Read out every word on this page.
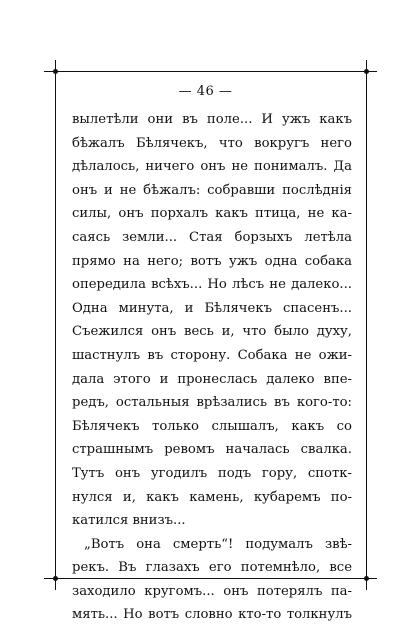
— 46 —
вылетѣли они въ поле... И ужъ какъ
бѣжалъ Бѣлячекъ, что вокругъ него
дѣлалось, ничего онъ не понималъ. Да
онъ и не бѣжалъ: собравши послѣднія
силы, онъ порхалъ какъ птица, не ка-
саясь земли... Стая борзыхъ летѣла
прямо на него; вотъ ужъ одна собака
опередила всѣхъ... Но лѣсъ не далеко...
Одна минута, и Бѣлячекъ спасенъ...
Съежился онъ весь и, что было духу,
шастнулъ въ сторону. Собака не ожи-
дала этого и пронеслась далеко впе-
редъ, остальныя врѣзались въ кого-то:
Бѣлячекъ только слышалъ, какъ со
страшнымъ ревомъ началась свалка.
Тутъ онъ угодилъ подъ гору, спотк-
нулся и, какъ камень, кубаремъ по-
катился внизъ...
„Вотъ она смерть“! подумалъ звѣ-
рекъ. Въ глазахъ его потемнѣло, все
заходило кругомъ... онъ потерялъ па-
мять... Но вотъ словно кто-то толкнулъ
